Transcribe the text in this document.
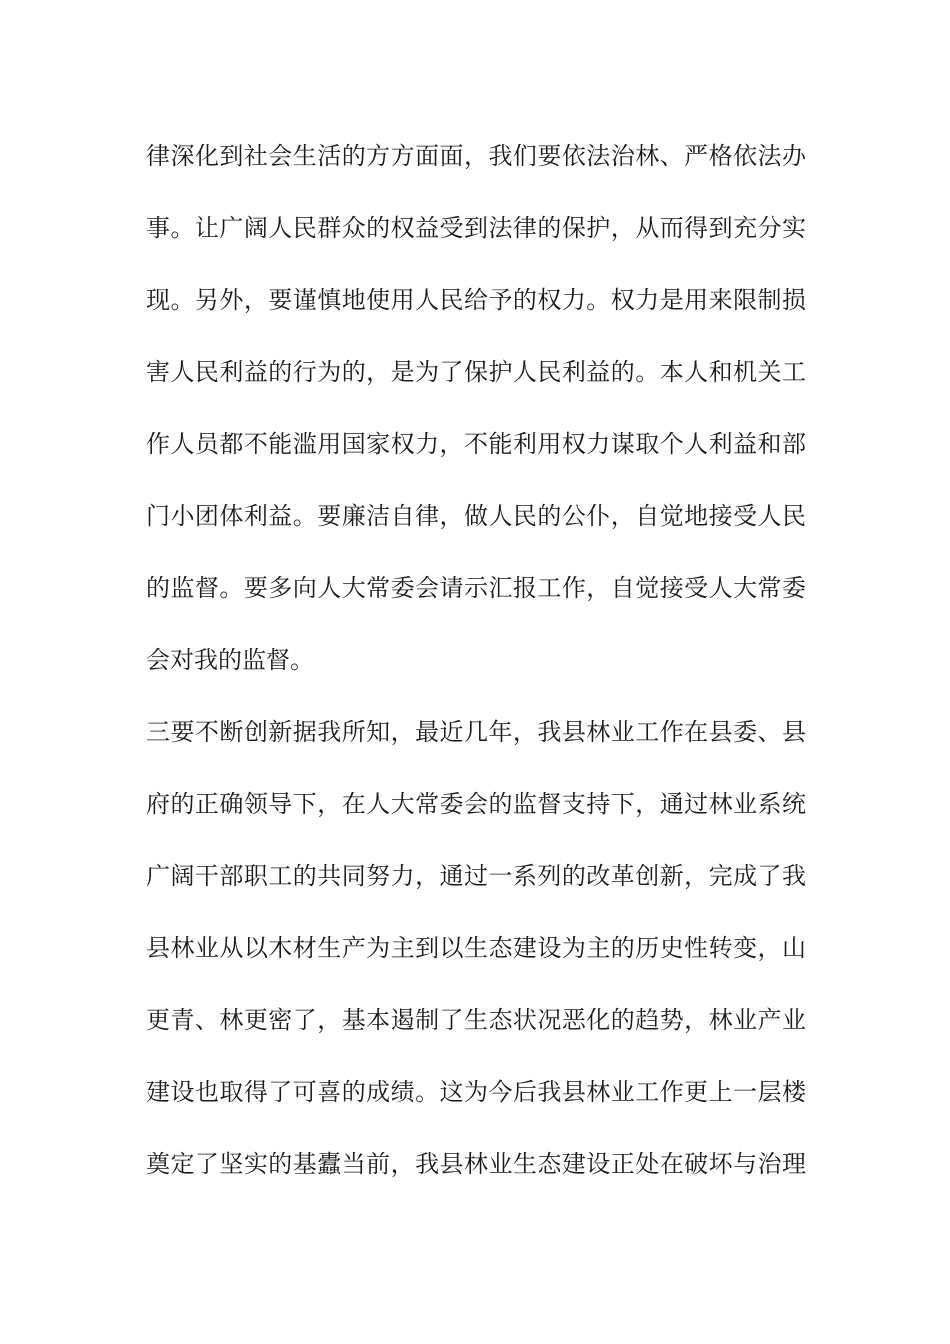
律深化到社会生活的方方面面，我们要依法治林、严格依法办
事。让广阔人民群众的权益受到法律的保护，从而得到充分实
现。另外，要谨慎地使用人民给予的权力。权力是用来限制损
害人民利益的行为的，是为了保护人民利益的。本人和机关工
作人员都不能滥用国家权力，不能利用权力谋取个人利益和部
门小团体利益。要廉洁自律，做人民的公仆，自觉地接受人民
的监督。要多向人大常委会请示汇报工作，自觉接受人大常委
会对我的监督。
三要不断创新据我所知，最近几年，我县林业工作在县委、县
府的正确领导下，在人大常委会的监督支持下，通过林业系统
广阔干部职工的共同努力，通过一系列的改革创新，完成了我
县林业从以木材生产为主到以生态建设为主的历史性转变，山
更青、林更密了，基本遏制了生态状况恶化的趋势，林业产业
建设也取得了可喜的成绩。这为今后我县林业工作更上一层楼
奠定了坚实的基蠹当前，我县林业生态建设正处在破坏与治理
